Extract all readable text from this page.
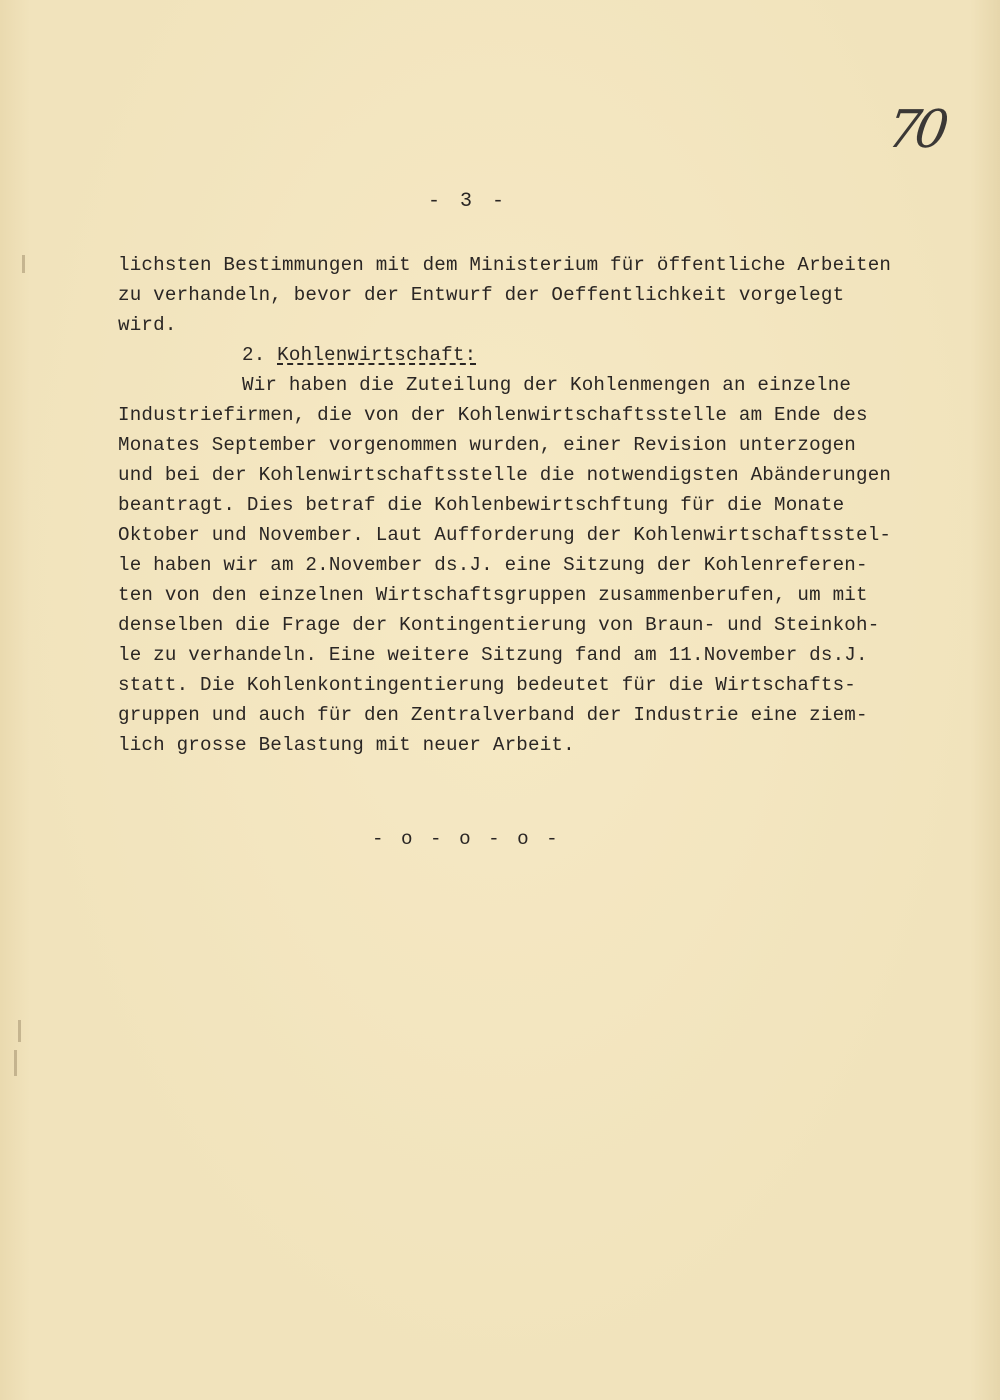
70
- 3 -
lichsten Bestimmungen mit dem Ministerium für öffentliche Arbeiten
zu verhandeln, bevor der Entwurf der Oeffentlichkeit vorgelegt
wird.
2. Kohlenwirtschaft:
Wir haben die Zuteilung der Kohlenmengen an einzelne
Industriefirmen, die von der Kohlenwirtschaftsstelle am Ende des
Monates September vorgenommen wurden, einer Revision unterzogen
und bei der Kohlenwirtschaftsstelle die notwendigsten Abänderungen
beantragt. Dies betraf die Kohlenbewirtschftung für die Monate
Oktober und November. Laut Aufforderung der Kohlenwirtschaftsstel-
le haben wir am 2.November ds.J. eine Sitzung der Kohlenreferen-
ten von den einzelnen Wirtschaftsgruppen zusammenberufen, um mit
denselben die Frage der Kontingentierung von Braun- und Steinkoh-
le zu verhandeln. Eine weitere Sitzung fand am 11.November ds.J.
statt. Die Kohlenkontingentierung bedeutet für die Wirtschafts-
gruppen und auch für den Zentralverband der Industrie eine ziem-
lich grosse Belastung mit neuer Arbeit.
- o - o - o -
